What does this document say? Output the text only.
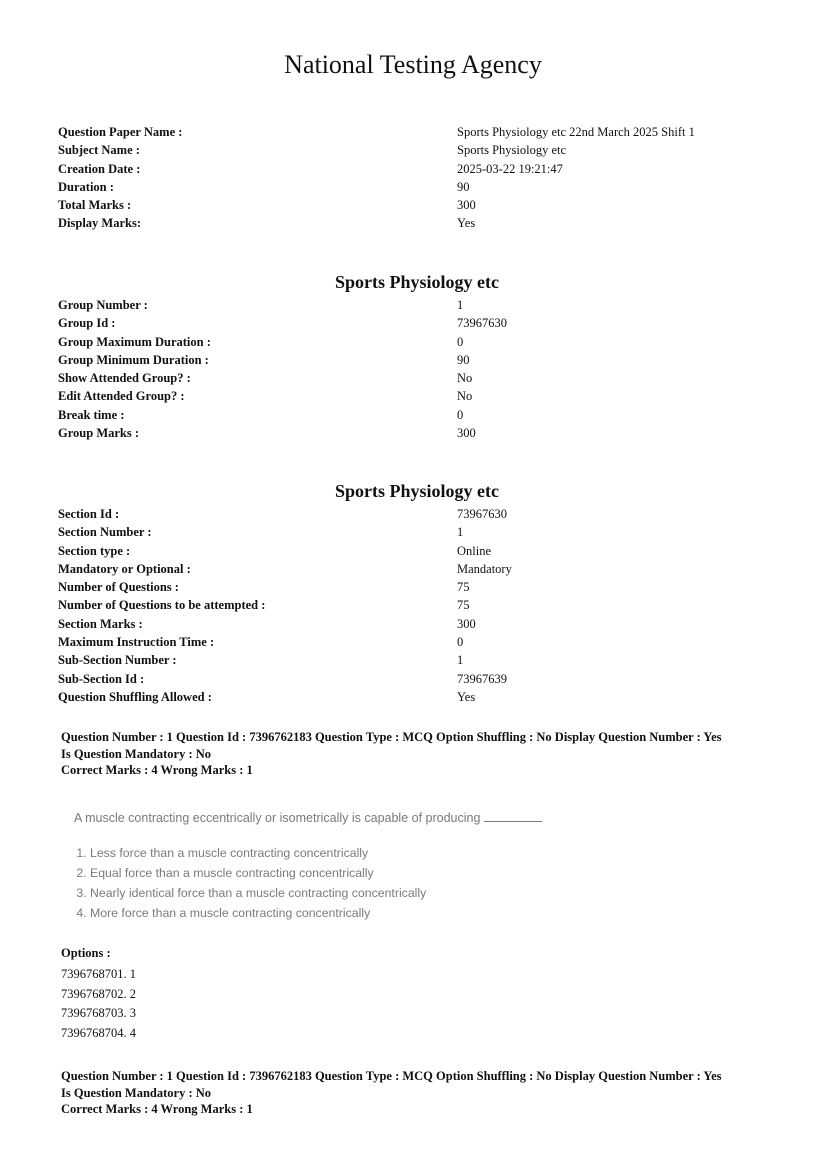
National Testing Agency
Question Paper Name :	Sports Physiology etc 22nd March 2025 Shift 1
Subject Name :	Sports Physiology etc
Creation Date :	2025-03-22 19:21:47
Duration :	90
Total Marks :	300
Display Marks:	Yes
Sports Physiology etc
Group Number :	1
Group Id :	73967630
Group Maximum Duration :	0
Group Minimum Duration :	90
Show Attended Group? :	No
Edit Attended Group? :	No
Break time :	0
Group Marks :	300
Sports Physiology etc
Section Id :	73967630
Section Number :	1
Section type :	Online
Mandatory or Optional :	Mandatory
Number of Questions :	75
Number of Questions to be attempted :	75
Section Marks :	300
Maximum Instruction Time :	0
Sub-Section Number :	1
Sub-Section Id :	73967639
Question Shuffling Allowed :	Yes

Question Number : 1 Question Id : 7396762183 Question Type : MCQ Option Shuffling : No Display Question Number : Yes

Is Question Mandatory : No

Correct Marks : 4 Wrong Marks : 1

A muscle contracting eccentrically or isometrically is capable of producing

1. Less force than a muscle contracting concentrically
2. Equal force than a muscle contracting concentrically
3. Nearly identical force than a muscle contracting concentrically
4. More force than a muscle contracting concentrically

Options :

7396768701. 1
7396768702. 2
7396768703. 3
7396768704. 4

Question Number : 1 Question Id : 7396762183 Question Type : MCQ Option Shuffling : No Display Question Number : Yes

Is Question Mandatory : No

Correct Marks : 4 Wrong Marks : 1
